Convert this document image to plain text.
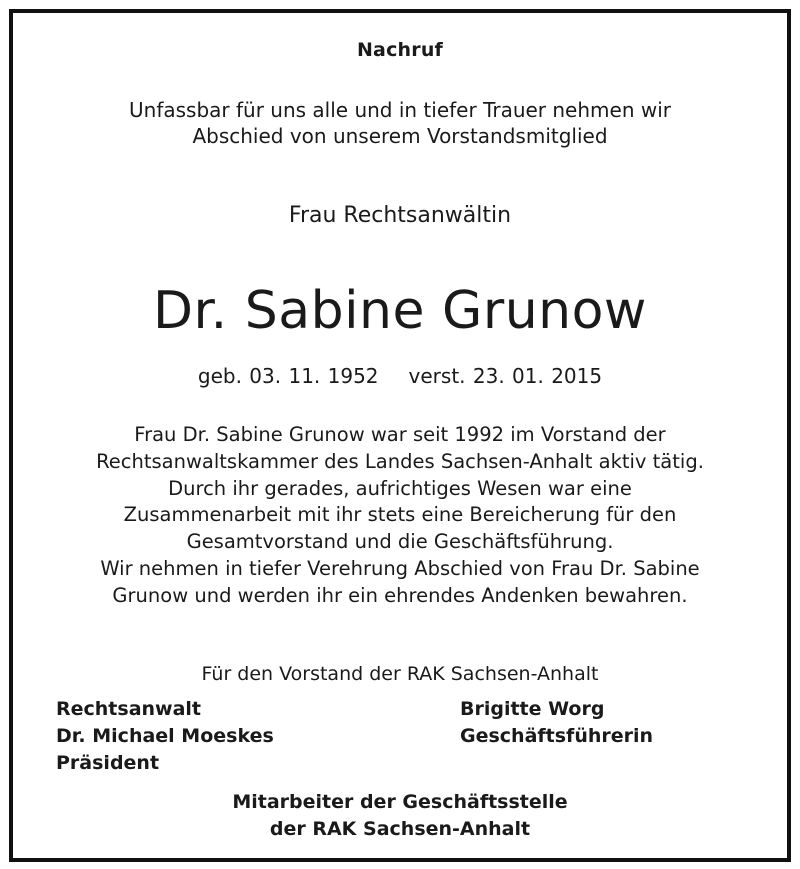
Nachruf
Unfassbar für uns alle und in tiefer Trauer nehmen wir
Abschied von unserem Vorstandsmitglied
Frau Rechtsanwältin
Dr. Sabine Grunow
geb. 03. 11. 1952 verst. 23. 01. 2015
Frau Dr. Sabine Grunow war seit 1992 im Vorstand der
Rechtsanwaltskammer des Landes Sachsen-Anhalt aktiv tätig.
Durch ihr gerades, aufrichtiges Wesen war eine
Zusammenarbeit mit ihr stets eine Bereicherung für den
Gesamtvorstand und die Geschäftsführung.
Wir nehmen in tiefer Verehrung Abschied von Frau Dr. Sabine
Grunow und werden ihr ein ehrendes Andenken bewahren.
Für den Vorstand der RAK Sachsen-Anhalt
Rechtsanwalt
Dr. Michael Moeskes
Präsident
Brigitte Worg
Geschäftsführerin
Mitarbeiter der Geschäftsstelle
der RAK Sachsen-Anhalt
